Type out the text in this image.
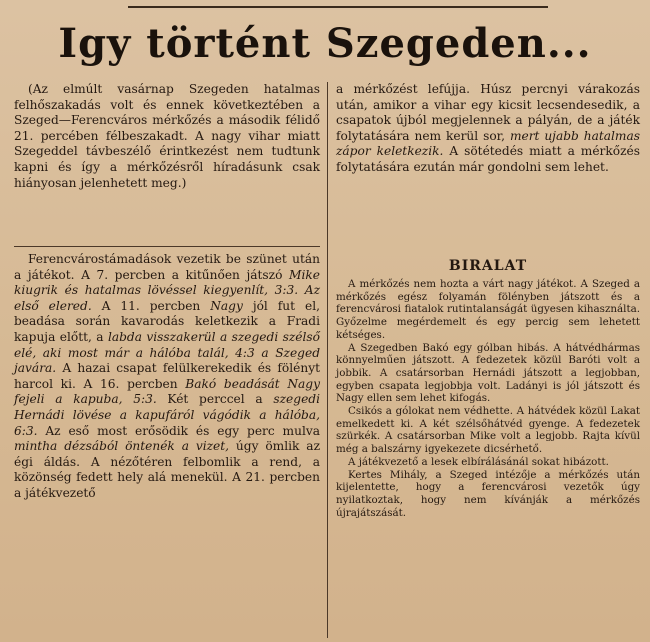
Igy történt Szegeden...

(Az elmúlt vasárnap Szegeden hatalmas felhőszakadás volt és ennek következtében a Szeged—Ferencváros mérkőzés a második félidő 21. percében félbeszakadt. A nagy vihar miatt Szegeddel távbeszélő érintkezést nem tudtunk kapni és így a mérkőzésről híradásunk csak hiányosan jelenhetett meg.)

Ferencvárostámadások vezetik be szünet után a játékot. A 7. percben a kitűnően játszó Mike kiugrik és hatalmas lövéssel kiegyenlít, 3:3. Az első elered. A 11. percben Nagy jól fut el, beadása során kavarodás keletkezik a Fradi kapuja előtt, a labda visszakerül a szegedi szélső elé, aki most már a hálóba talál, 4:3 a Szeged javára. A hazai csapat felülkerekedik és fölényt harcol ki. A 16. percben Bakó beadását Nagy fejeli a kapuba, 5:3. Két perccel a szegedi Hernádi lövése a kapufáról vágódik a hálóba, 6:3. Az eső most erősödik és egy perc mulva mintha dézsából öntenék a vizet, úgy ömlik az égi áldás. A nézőtéren felbomlik a rend, a közönség fedett hely alá menekül. A 21. percben a játékvezető

a mérkőzést lefújja. Húsz percnyi várakozás után, amikor a vihar egy kicsit lecsendesedik, a csapatok újból megjelennek a pályán, de a játék folytatására nem kerül sor, mert ujabb hatalmas zápor keletkezik. A sötétedés miatt a mérkőzés folytatására ezután már gondolni sem lehet.

BIRALAT

A mérkőzés nem hozta a várt nagy játékot. A Szeged a mérkőzés egész folyamán fölényben játszott és a ferencvárosi fiatalok rutintalanságát ügyesen kihasználta. Győzelme megérdemelt és egy percig sem lehetett kétséges.

A Szegedben Bakó egy gólban hibás. A hátvédhármas könnyelműen játszott. A fedezetek közül Baróti volt a jobbik. A csatársorban Hernádi játszott a legjobban, egyben csapata legjobbja volt. Ladányi is jól játszott és Nagy ellen sem lehet kifogás.

Csikós a gólokat nem védhette. A hátvédek közül Lakat emelkedett ki. A két szélsőhátvéd gyenge. A fedezetek szürkék. A csatársorban Mike volt a legjobb. Rajta kívül még a balszárny igyekezete dicsérhető.

A játékvezető a lesek elbírálásánál sokat hibázott.

Kertes Mihály, a Szeged intézője a mérkőzés után kijelentette, hogy a ferencvárosi vezetők úgy nyilatkoztak, hogy nem kívánják a mérkőzés újrajátszását.
